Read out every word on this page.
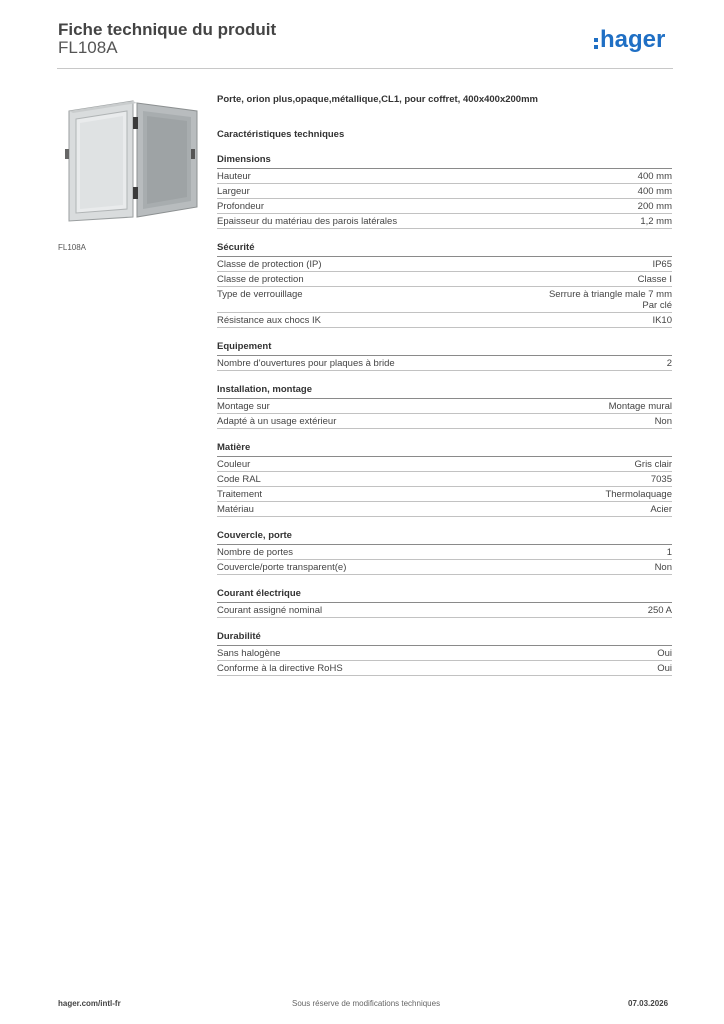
Fiche technique du produit
FL108A	hager
FL108A
Porte, orion plus,opaque,métallique,CL1, pour coffret, 400x400x200mm
Caractéristiques techniques
Dimensions
Hauteur	400 mm
Largeur	400 mm
Profondeur	200 mm
Epaisseur du matériau des parois latérales	1,2 mm
Sécurité
Classe de protection (IP)	IP65
Classe de protection	Classe I
Type de verrouillage	Serrure à triangle male 7 mm
Par clé
Résistance aux chocs IK	IK10
Equipement
Nombre d'ouvertures pour plaques à bride	2
Installation, montage
Montage sur	Montage mural
Adapté à un usage extérieur	Non
Matière
Couleur	Gris clair
Code RAL	7035
Traitement	Thermolaquage
Matériau	Acier
Couvercle, porte
Nombre de portes	1
Couvercle/porte transparent(e)	Non
Courant électrique
Courant assigné nominal	250 A
Durabilité
Sans halogène	Oui
Conforme à la directive RoHS	Oui
hager.com/intl-fr	Sous réserve de modifications techniques	07.03.2026
